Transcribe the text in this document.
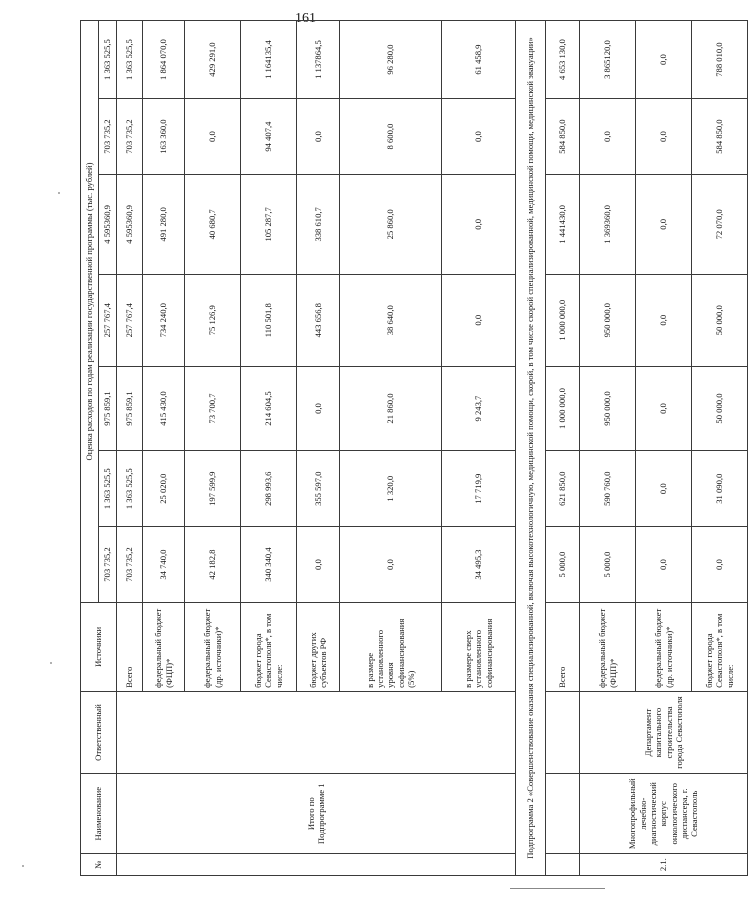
161
№	Наименование	Ответственный	Источники	Оценка расходов по годам реализации государственной программы (тыс. рублей)						
				703 735,2	1 363 525,5	975 859,1	257 767,4	4 595360,9	703 735,2	1 363 525,5
	Итого по Подпрограмме 1		Всего	703 735,2	1 363 525,5	975 859,1	257 767,4	4 595360,9	703 735,2	1 363 525,5
			федеральный бюджет (ФЦП)*	34 740,0	25 020,0	415 430,0	734 240,0	491 280,0	163 360,0	1 864 070,0
			федеральный бюджет (др. источники)*	42 182,8	197 599,9	73 700,7	75 126,9	40 680,7	0,0	429 291,0
			бюджет города Севастополя*, в том числе:	340 340,4	298 993,6	214 604,5	110 501,8	105 287,7	94 407,4	1 164135,4
			бюджет других субъектов РФ	0,0	355 597,0	0,0	443 656,8	338 610,7	0,0	1 137864,5
			в размере установленного уровня софинансирования (5%)	0,0	1 320,0	21 860,0	38 640,0	25 860,0	8 600,0	96 280,0
			в размере сверх установленного софинансирования	34 495,3	17 719,9	9 243,7	0,0	0,0	0,0	61 458,9
Подпрограмма 2 «Совершенствование оказания специализированной, включая высокотехнологичную, медицинской помощи, скорой, в том числе скорой специализированной, медицинской помощи, медицинской эвакуации»										
			Всего	5 000,0	621 850,0	1 000 000,0	1 000 000,0	1 441430,0	584 850,0	4 653 130,0
2.1.	Многопрофильный лечебно-диагностический корпус онкологического диспансера, г. Севастополь	Департамент капитального строительства города Севастополя	федеральный бюджет (ФЦП)*	5 000,0	590 760,0	950 000,0	950 000,0	1 369360,0	0,0	3 865120,0
			федеральный бюджет (др. источники)*	0,0	0,0	0,0	0,0	0,0	0,0	0,0
			бюджет города Севастополя*, в том числе:	0,0	31 090,0	50 000,0	50 000,0	72 070,0	584 850,0	788 010,0
